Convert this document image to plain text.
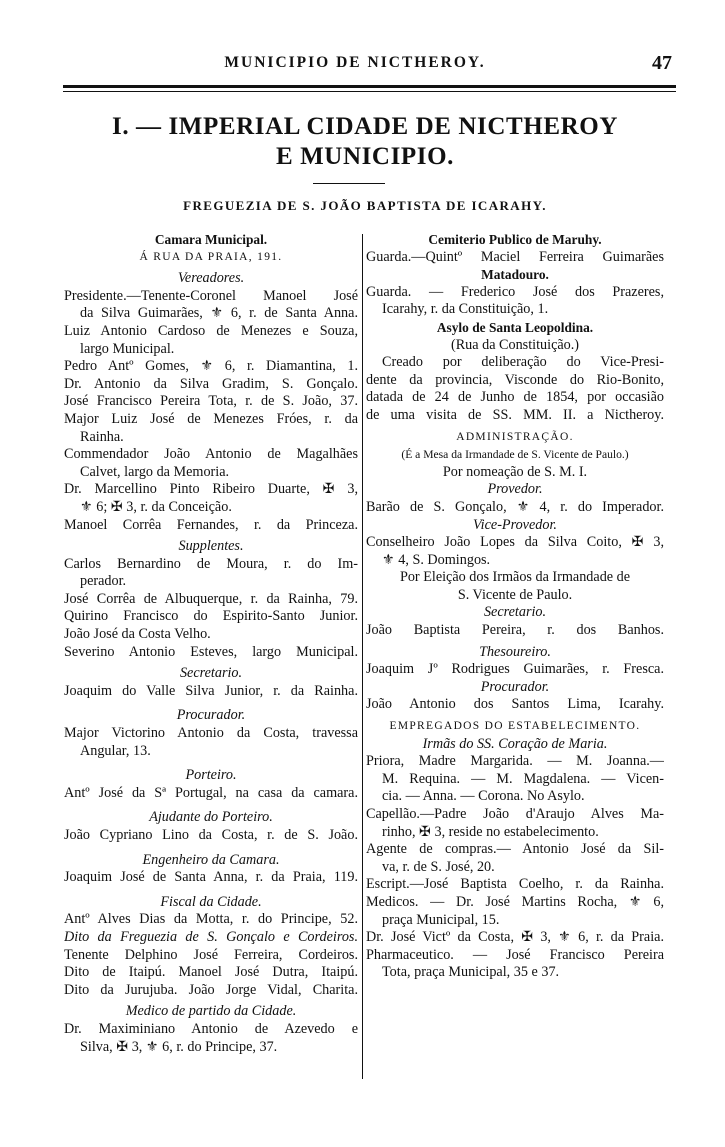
MUNICIPIO DE NICTHEROY.	47
I. — IMPERIAL CIDADE DE NICTHEROY
E MUNICIPIO.
FREGUEZIA DE S. JOÃO BAPTISTA DE ICARAHY.
Camara Municipal.
Á RUA DA PRAIA, 191.
Vereadores.
Presidente.—Tenente-Coronel Manoel José
da Silva Guimarães, ⚜ 6, r. de Santa Anna.
Luiz Antonio Cardoso de Menezes e Souza,
largo Municipal.
Pedro Antº Gomes, ⚜ 6, r. Diamantina, 1.
Dr. Antonio da Silva Gradim, S. Gonçalo.
José Francisco Pereira Tota, r. de S. João, 37.
Major Luiz José de Menezes Fróes, r. da
Rainha.
Commendador João Antonio de Magalhães
Calvet, largo da Memoria.
Dr. Marcellino Pinto Ribeiro Duarte, ✠ 3,
⚜ 6; ✠ 3, r. da Conceição.
Manoel Corrêa Fernandes, r. da Princeza.
Supplentes.
Carlos Bernardino de Moura, r. do Im-
perador.
José Corrêa de Albuquerque, r. da Rainha, 79.
Quirino Francisco do Espirito-Santo Junior.
João José da Costa Velho.
Severino Antonio Esteves, largo Municipal.
Secretario.
Joaquim do Valle Silva Junior, r. da Rainha.
Procurador.
Major Victorino Antonio da Costa, travessa
Angular, 13.
Porteiro.
Antº José da Sª Portugal, na casa da camara.
Ajudante do Porteiro.
João Cypriano Lino da Costa, r. de S. João.
Engenheiro da Camara.
Joaquim José de Santa Anna, r. da Praia, 119.
Fiscal da Cidade.
Antº Alves Dias da Motta, r. do Principe, 52.
Dito da Freguezia de S. Gonçalo e Cordeiros.
Tenente Delphino José Ferreira, Cordeiros.
Dito de Itaipú. Manoel José Dutra, Itaipú.
Dito da Jurujuba. João Jorge Vidal, Charita.
Medico de partido da Cidade.
Dr. Maximiniano Antonio de Azevedo e
Silva, ✠ 3, ⚜ 6, r. do Principe, 37.
Cemiterio Publico de Maruhy.
Guarda.—Quintº Maciel Ferreira Guimarães
Matadouro.
Guarda. — Frederico José dos Prazeres,
Icarahy, r. da Constituição, 1.
Asylo de Santa Leopoldina.
(Rua da Constituição.)
Creado por deliberação do Vice-Presi-
dente da provincia, Visconde do Rio-Bonito,
datada de 24 de Junho de 1854, por occasião
de uma visita de SS. MM. II. a Nictheroy.
ADMINISTRAÇÃO.
(É a Mesa da Irmandade de S. Vicente de Paulo.)
Por nomeação de S. M. I.
Provedor.
Barão de S. Gonçalo, ⚜ 4, r. do Imperador.
Vice-Provedor.
Conselheiro João Lopes da Silva Coito, ✠ 3,
⚜ 4, S. Domingos.
Por Eleição dos Irmãos da Irmandade de
S. Vicente de Paulo.
Secretario.
João Baptista Pereira, r. dos Banhos.
Thesoureiro.
Joaquim Jº Rodrigues Guimarães, r. Fresca.
Procurador.
João Antonio dos Santos Lima, Icarahy.
EMPREGADOS DO ESTABELECIMENTO.
Irmãs do SS. Coração de Maria.
Priora, Madre Margarida. — M. Joanna.—
M. Requina. — M. Magdalena. — Vicen-
cia. — Anna. — Corona. No Asylo.
Capellão.—Padre João d'Araujo Alves Ma-
rinho, ✠ 3, reside no estabelecimento.
Agente de compras.— Antonio José da Sil-
va, r. de S. José, 20.
Escript.—José Baptista Coelho, r. da Rainha.
Medicos. — Dr. José Martins Rocha, ⚜ 6,
praça Municipal, 15.
Dr. José Victº da Costa, ✠ 3, ⚜ 6, r. da Praia.
Pharmaceutico. — José Francisco Pereira
Tota, praça Municipal, 35 e 37.
